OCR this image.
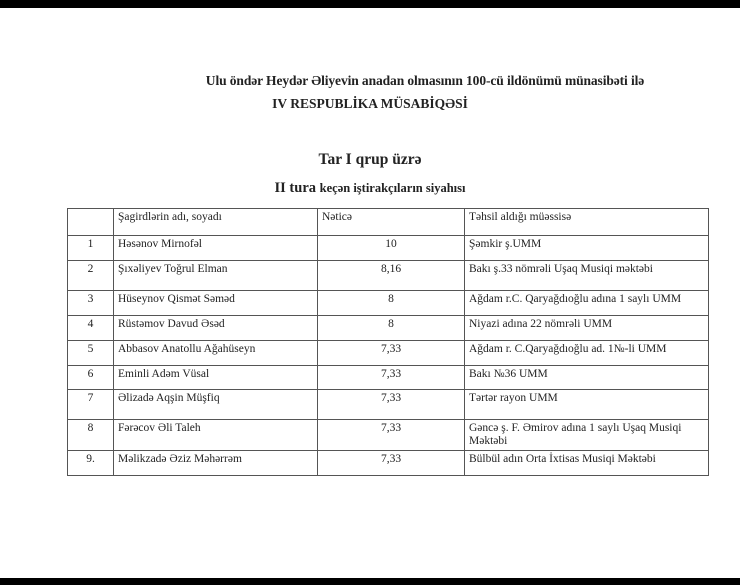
Ulu öndər Heydər Əliyevin anadan olmasının 100-cü ildönümü münasibəti ilə
IV RESPUBLİKA MÜSABİQƏSİ
Tar I qrup üzrə
II tura keçən iştirakçıların siyahısı
	Şagirdlərin adı, soyadı	Nəticə	Təhsil aldığı müəssisə
1	Həsənov Mirnofəl	10	Şəmkir ş.UMM
2	Şıxəliyev Toğrul Elman	8,16	Bakı ş.33 nömrəli Uşaq Musiqi məktəbi
3	Hüseynov Qismət Səməd	8	Ağdam r.C. Qaryağdıoğlu adına 1 saylı UMM
4	Rüstəmov Davud Əsəd	8	Niyazi adına 22 nömrəli UMM
5	Abbasov Anatollu Ağahüseyn	7,33	Ağdam r. C.Qaryağdıoğlu ad. 1№-li UMM
6	Eminli Adəm Vüsal	7,33	Bakı №36 UMM
7	Əlizadə Aqşin Müşfiq	7,33	Tərtər rayon UMM
8	Fərəcov Əli Taleh	7,33	Gəncə ş. F. Əmirov adına 1 saylı Uşaq Musiqi Məktəbi
9.	Məlikzadə Əziz Məhərrəm	7,33	Bülbül adın Orta İxtisas Musiqi Məktəbi
